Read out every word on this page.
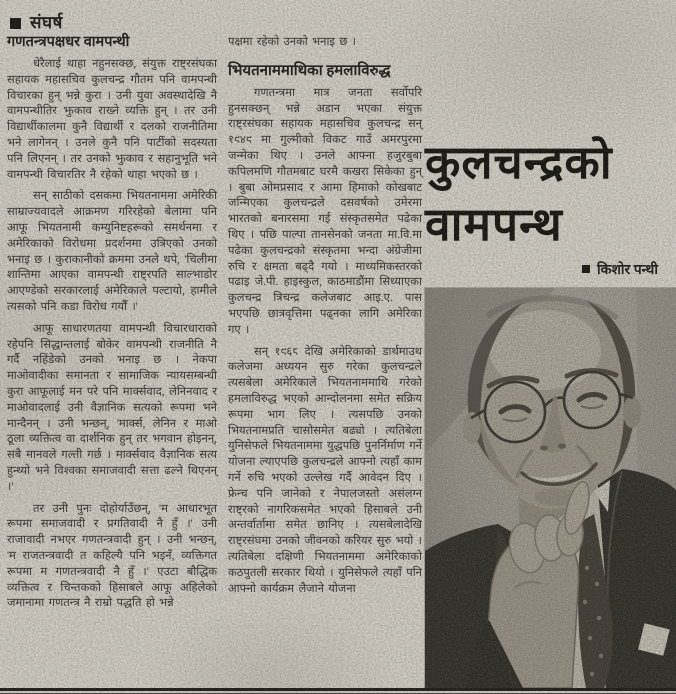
संघर्ष
गणतन्त्रपक्षधर वामपन्थी

धेरैलाई थाहा नहुनसक्छ, संयुक्त राष्ट्रसंघका सहायक महासचिव कुलचन्द्र गौतम पनि वामपन्थी विचारका हुन् भन्ने कुरा । उनी युवा अवस्थादेखि नै वामपन्थीतिर झुकाव राख्ने व्यक्ति हुन् । तर उनी विद्यार्थीकालमा कुनै विद्यार्थी र दलको राजनीतिमा भने लागेनन् । उनले कुनै पनि पार्टीको सदस्यता पनि लिएनन् । तर उनको झुकाव र सहानुभूति भने वामपन्थी विचारतिर नै रहेको थाहा भएको छ ।

सन् साठीको दसकमा भियतनाममा अमेरिकी साम्राज्यवादले आक्रमण गरिरहेको बेलामा पनि आफू भियतनामी कम्युनिष्टहरूको समर्थनमा र अमेरिकाको विरोधमा प्रदर्शनमा उत्रिएको उनको भनाइ छ । कुराकानीको क्रममा उनले थपे, 'चिलीमा शान्तिमा आएका वामपन्थी राष्ट्रपति साल्भाडोर आएण्डेको सरकारलाई अमेरिकाले पल्टायो, हामीले त्यसको पनि कडा विरोध गर्यौं ।'

आफू साधारणतया वामपन्थी विचारधाराको रहेपनि सिद्धान्तलाई बोकेर वामपन्थी राजनीति नै गर्दै नहिंडेको उनको भनाइ छ । नेकपा माओवादीका समानता र सामाजिक न्यायसम्बन्धी कुरा आफूलाई मन परे पनि मार्क्सवाद, लेनिनवाद र माओवादलाई उनी वैज्ञानिक सत्यको रूपमा भने मान्दैनन् । उनी भन्छन्, 'मार्क्स, लेनिन र माओ ठूला व्यक्तित्व वा दार्शनिक हुन् तर भगवान होइनन्, सबै मानवले गल्ती गर्छ । मार्क्सवाद वैज्ञानिक सत्य हुन्थ्यो भने विश्वका समाजवादी सत्ता ढल्ने थिएनन् ।'

तर उनी पुनः दोहोर्याउँछन्, 'म आधारभूत रूपमा समाजवादी र प्रगतिवादी नै हुँ ।' उनी राजावादी नभएर गणतन्त्रवादी हुन् । उनी भन्छन्, 'म राजतन्त्रवादी त कहिल्यै पनि भइनँ, व्यक्तिगत रूपमा म गणतन्त्रवादी नै हुँ ।' एउटा बौद्धिक व्यक्तित्व र चिन्तकको हिसाबले आफू अहिलेको जमानामा गणतन्त्र नै राम्रो पद्धति हो भन्ने

पक्षमा रहेको उनको भनाइ छ ।

भियतनाममाथिका हमलाविरुद्ध

गणतन्त्रमा मात्र जनता सर्वोपरि हुनसक्छन् भन्ने अडान भएका संयुक्त राष्ट्रसंघका सहायक महासचिव कुलचन्द्र सन् १९४९ मा गुल्मीको विकट गाउँ अमरपुरमा जन्मेका थिए । उनले आफ्ना हजुरबुबा कपिलमणि गौतमबाट घरमै कखरा सिकेका हुन् । बुबा ओमप्रसाद र आमा हिमाको कोखबाट जन्मिएका कुलचन्द्रले दसवर्षको उमेरमा भारतको बनारसमा गई संस्कृतसमेत पढेका थिए । पछि पाल्पा तानसेनको जनता मा.वि.मा पढेका कुलचन्द्रको संस्कृतमा भन्दा अंग्रेजीमा रुचि र क्षमता बढ्दै गयो । माध्यमिकस्तरको पढाइ जे.पी. हाइस्कुल, काठमाडौंमा सिध्याएका कुलचन्द्र त्रिचन्द्र कलेजबाट आइ.ए. पास भएपछि छात्रवृत्तिमा पढ्नका लागि अमेरिका गए ।

सन् १९६८ देखि अमेरिकाको डार्थमाउथ कलेजमा अध्ययन सुरु गरेका कुलचन्द्रले त्यसबेला अमेरिकाले भियतनाममाथि गरेको हमलाविरुद्ध भएको आन्दोलनमा समेत सक्रिय रूपमा भाग लिए । त्यसपछि उनको भियतनामप्रति चासोसमेत बढ्यो । त्यतिबेला युनिसेफले भियतनाममा युद्धपछि पुनर्निर्माण गर्ने योजना ल्याएपछि कुलचन्द्रले आफ्नो त्यहाँ काम गर्ने रुचि भएको उल्लेख गर्दै आवेदन दिए । फ्रेन्च पनि जानेको र नेपालजस्तो असंलग्न राष्ट्रको नागरिकसमेत भएको हिसाबले उनी अन्तर्वार्तामा समेत छानिए । त्यसबेलादेखि राष्ट्रसंघमा उनको जीवनको करियर सुरु भयो । त्यतिबेला दक्षिणी भियतनाममा अमेरिकाको कठपुतली सरकार थियो । युनिसेफले त्यहाँ पनि आफ्नो कार्यक्रम लैजाने योजना

कुलचन्द्रको
वामपन्थ
किशोर पन्थी
